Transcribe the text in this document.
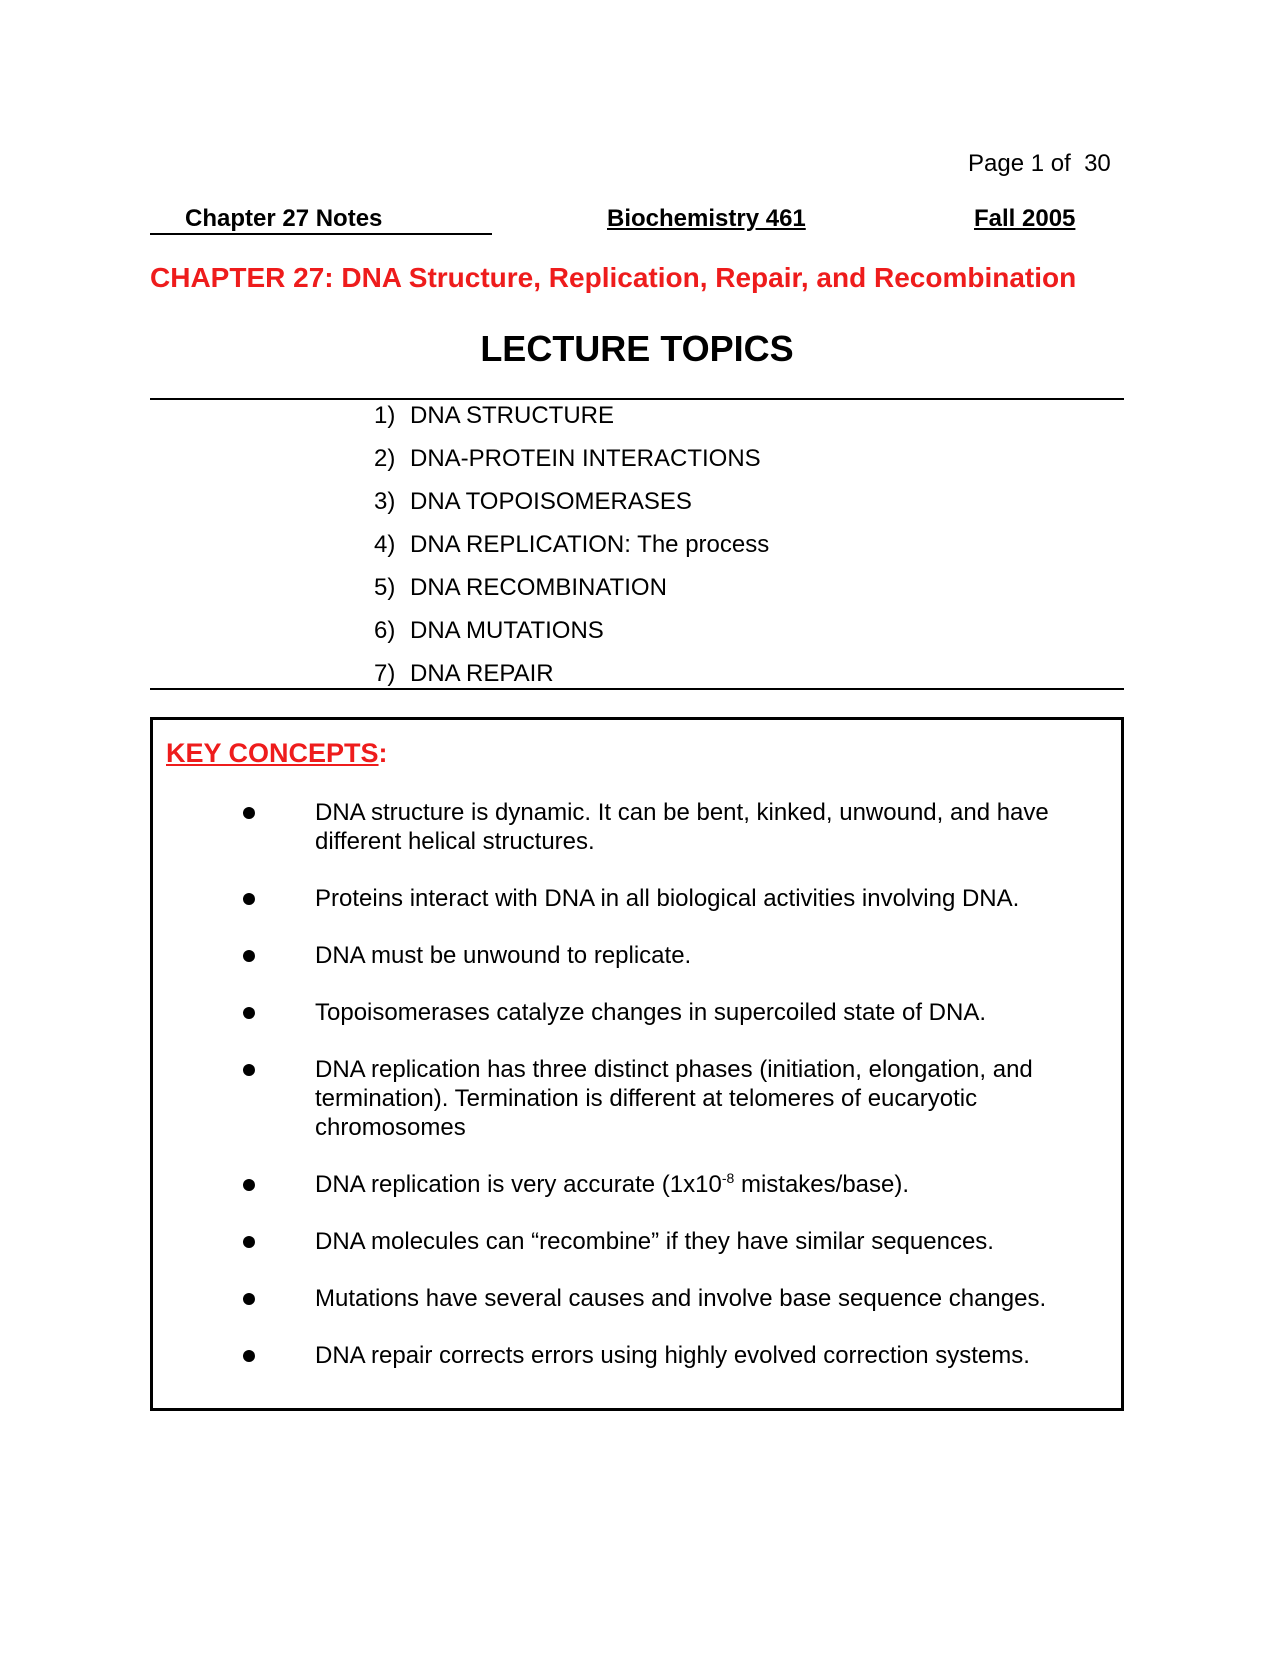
Page 1 of  30
Chapter 27 Notes	Biochemistry 461	Fall 2005
CHAPTER 27: DNA Structure, Replication, Repair, and Recombination
LECTURE TOPICS
1) DNA STRUCTURE
2) DNA-PROTEIN INTERACTIONS
3) DNA TOPOISOMERASES
4) DNA REPLICATION: The process
5) DNA RECOMBINATION
6) DNA MUTATIONS
7) DNA REPAIR
KEY CONCEPTS:
DNA structure is dynamic. It can be bent, kinked, unwound, and have different helical structures.
Proteins interact with DNA in all biological activities involving DNA.
DNA must be unwound to replicate.
Topoisomerases catalyze changes in supercoiled state of DNA.
DNA replication has three distinct phases (initiation, elongation, and termination). Termination is different at telomeres of eucaryotic chromosomes
DNA replication is very accurate ($1x10^{-8}$ mistakes/base).
DNA molecules can “recombine” if they have similar sequences.
Mutations have several causes and involve base sequence changes.
DNA repair corrects errors using highly evolved correction systems.
